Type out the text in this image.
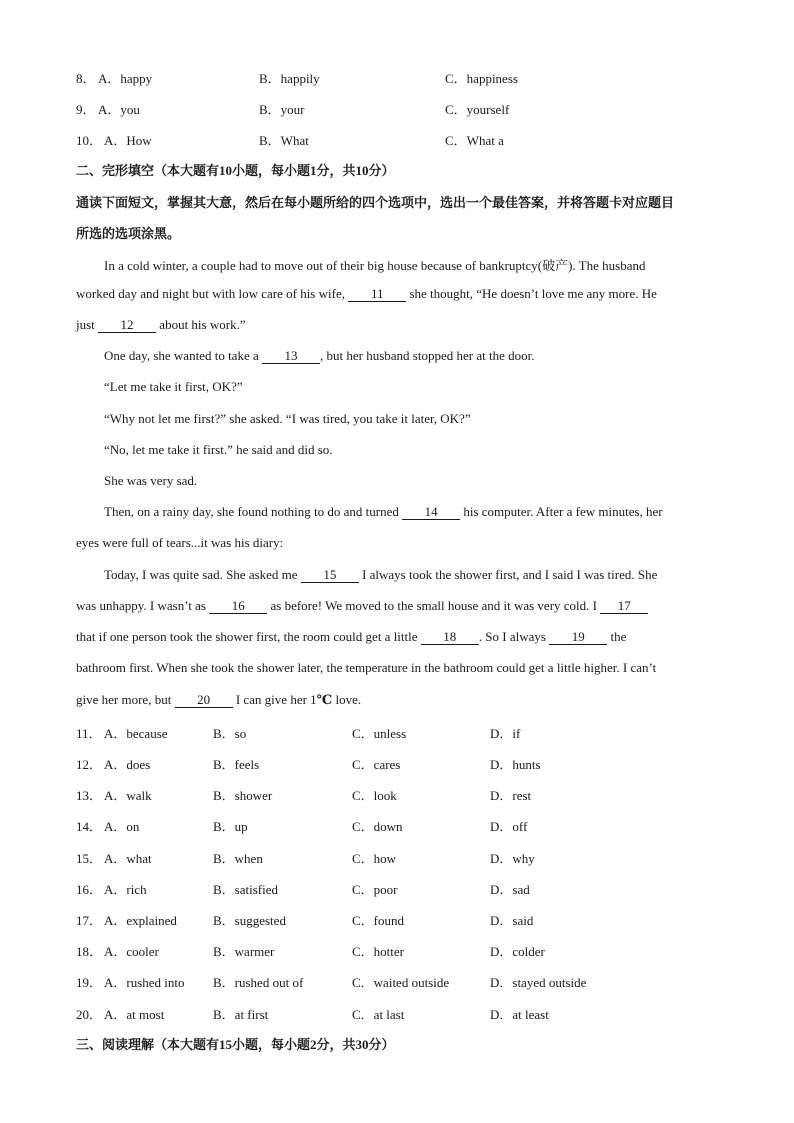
8． A．happy	B．happily	C．happiness
9． A．you	B．your	C．yourself
10． A．How	B．What	C．What a
二、完形填空（本大题有10小题，每小题1分，共10分）
通读下面短文，掌握其大意，然后在每小题所给的四个选项中，选出一个最佳答案，并将答题卡对应题目
所选的选项涂黑。
In a cold winter, a couple had to move out of their big house because of bankruptcy(破产). The husband
worked day and night but with low care of his wife, 11 she thought, “He doesn’t love me any more. He
just 12 about his work.”
One day, she wanted to take a 13 , but her husband stopped her at the door.
“Let me take it first, OK?”
“Why not let me first?” she asked. “I was tired, you take it later, OK?”
“No, let me take it first.” he said and did so.
She was very sad.
Then, on a rainy day, she found nothing to do and turned 14 his computer. After a few minutes, her
eyes were full of tears...it was his diary:
Today, I was quite sad. She asked me 15 I always took the shower first, and I said I was tired. She
was unhappy. I wasn’t as 16 as before! We moved to the small house and it was very cold. I 17
that if one person took the shower first, the room could get a little 18 . So I always 19 the
bathroom first. When she took the shower later, the temperature in the bathroom could get a little higher. I can’t
give her more, but 20 I can give her 1℃ love.
11． A．because	B．so	C．unless	D．if
12． A．does	B．feels	C．cares	D．hunts
13． A．walk	B．shower	C．look	D．rest
14． A．on	B．up	C．down	D．off
15． A．what	B．when	C．how	D．why
16． A．rich	B．satisfied	C．poor	D．sad
17． A．explained	B．suggested	C．found	D．said
18． A．cooler	B．warmer	C．hotter	D．colder
19． A．rushed into B．rushed out of	C．waited outside	D．stayed outside
20． A．at most	B．at first	C．at last	D．at least
三、阅读理解（本大题有15小题，每小题2分，共30分）
